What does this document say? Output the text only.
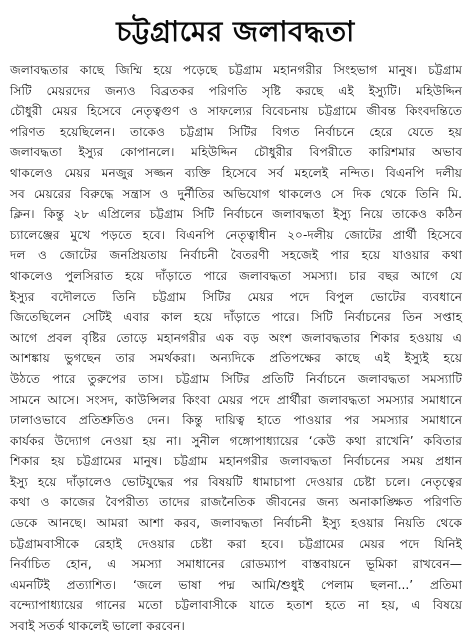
চট্টগ্রামের জলাবদ্ধতা
জলাবদ্ধতার কাছে জিম্মি হয়ে পড়েছে চট্টগ্রাম মহানগরীর সিংহভাগ মানুষ। চট্টগ্রাম
সিটি মেয়রদের জন্যও বিব্রতকর পরিণতি সৃষ্টি করছে এই ইস্যুটি। মহিউদ্দিন
চৌধুরী মেয়র হিসেবে নেতৃত্বগুণ ও সাফল্যের বিবেচনায় চট্টগ্রামে জীবন্ত কিংবদন্তিতে
পরিণত হয়েছিলেন। তাকেও চট্টগ্রাম সিটির বিগত নির্বাচনে হেরে যেতে হয়
জলাবদ্ধতা ইস্যুর কোপানলে। মহিউদ্দিন চৌধুরীর বিপরীতে কারিশমার অভাব
থাকলেও মেয়র মনজুর সজ্জন ব্যক্তি হিসেবে সর্ব মহলেই নন্দিত। বিএনপি দলীয়
সব মেয়রের বিরুদ্ধে সন্ত্রাস ও দুর্নীতির অভিযোগ থাকলেও সে দিক থেকে তিনি মি.
ক্লিন। কিন্তু ২৮ এপ্রিলের চট্টগ্রাম সিটি নির্বাচনে জলাবদ্ধতা ইস্যু নিয়ে তাকেও কঠিন
চ্যালেঞ্জের মুখে পড়তে হবে। বিএনপি নেতৃত্বাধীন ২০-দলীয় জোটের প্রার্থী হিসেবে
দল ও জোটের জনপ্রিয়তায় নির্বাচনী বৈতরণী সহজেই পার হয়ে যাওয়ার কথা
থাকলেও পুলসিরাত হয়ে দাঁড়াতে পারে জলাবদ্ধতা সমস্যা। চার বছর আগে যে
ইস্যুর বদৌলতে তিনি চট্টগ্রাম সিটির মেয়র পদে বিপুল ভোটের ব্যবধানে
জিতেছিলেন সেটিই এবার কাল হয়ে দাঁড়াতে পারে। সিটি নির্বাচনের তিন সপ্তাহ
আগে প্রবল বৃষ্টির তোড়ে মহানগরীর এক বড় অংশ জলাবদ্ধতার শিকার হওয়ায় এ
আশঙ্কায় ভুগছেন তার সমর্থকরা। অন্যদিকে প্রতিপক্ষের কাছে এই ইস্যুই হয়ে
উঠতে পারে তুরুপের তাস। চট্টগ্রাম সিটির প্রতিটি নির্বাচনে জলাবদ্ধতা সমস্যাটি
সামনে আসে। সংসদ, কাউন্সিলর কিংবা মেয়র পদে প্রার্থীরা জলাবদ্ধতা সমস্যার সমাধানে
ঢালাওভাবে প্রতিশ্রুতিও দেন। কিন্তু দায়িত্ব হাতে পাওয়ার পর সমস্যার সমাধানে
কার্যকর উদ্যোগ নেওয়া হয় না। সুনীল গঙ্গোপাধ্যায়ের ‘কেউ কথা রাখেনি’ কবিতার
শিকার হয় চট্টগ্রামের মানুষ। চট্টগ্রাম মহানগরীর জলাবদ্ধতা নির্বাচনের সময় প্রধান
ইস্যু হয়ে দাঁড়ালেও ভোটযুদ্ধের পর বিষয়টি ধামাচাপা দেওয়ার চেষ্টা চলে। নেতৃত্বের
কথা ও কাজের বৈপরীত্য তাদের রাজনৈতিক জীবনের জন্য অনাকাঙ্ক্ষিত পরিণতি
ডেকে আনছে। আমরা আশা করব, জলাবদ্ধতা নির্বাচনী ইস্যু হওয়ার নিয়তি থেকে
চট্টগ্রামবাসীকে রেহাই দেওয়ার চেষ্টা করা হবে। চট্টগ্রামের মেয়র পদে যিনিই
নির্বাচিত হোন, এ সমস্যা সমাধানের রোডম্যাপ বাস্তবায়নে ভূমিকা রাখবেন—
এমনটিই প্রত্যাশিত। ‘জলে ভাষা পদ্ম আমি/শুধুই পেলাম ছলনা...’ প্রতিমা
বন্দ্যোপাধ্যায়ের গানের মতো চট্টলাবাসীকে যাতে হতাশ হতে না হয়, এ বিষয়ে
সবাই সতর্ক থাকলেই ভালো করবেন।
